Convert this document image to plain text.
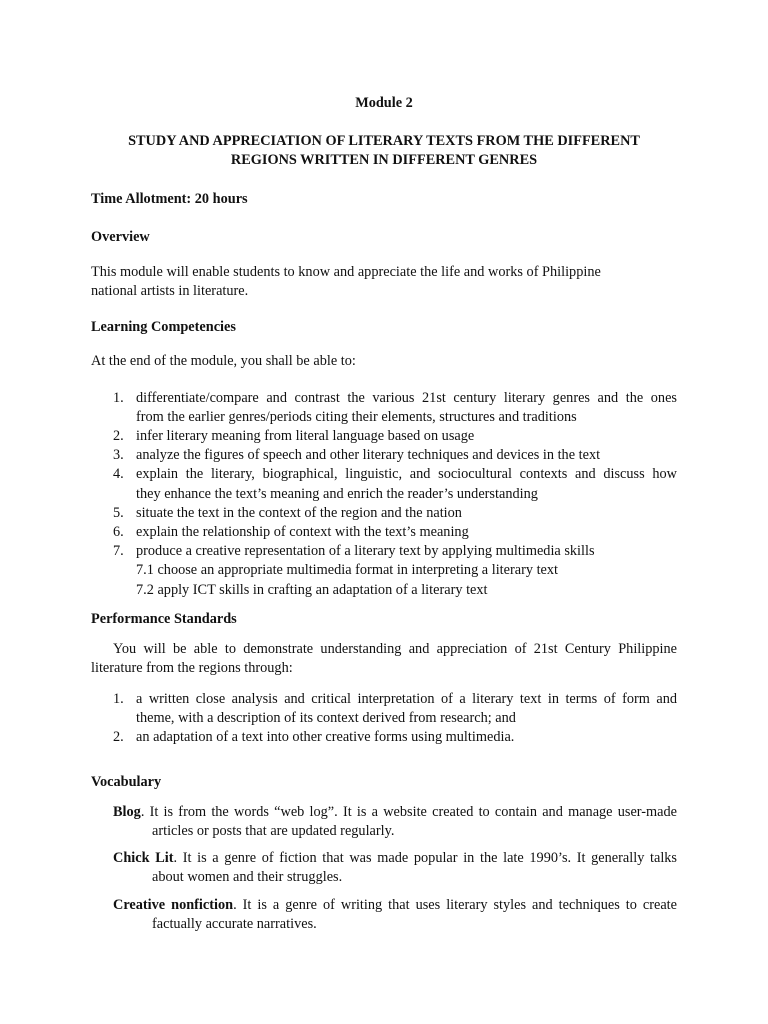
Module 2
STUDY AND APPRECIATION OF LITERARY TEXTS FROM THE DIFFERENT
REGIONS WRITTEN IN DIFFERENT GENRES
Time Allotment: 20 hours
Overview
This module will enable students to know and appreciate the life and works of Philippine
national artists in literature.
Learning Competencies
At the end of the module, you shall be able to:
1. differentiate/compare and contrast the various 21st century literary genres and the ones
from the earlier genres/periods citing their elements, structures and traditions
2. infer literary meaning from literal language based on usage
3. analyze the figures of speech and other literary techniques and devices in the text
4. explain the literary, biographical, linguistic, and sociocultural contexts and discuss how
they enhance the text’s meaning and enrich the reader’s understanding
5. situate the text in the context of the region and the nation
6. explain the relationship of context with the text’s meaning
7. produce a creative representation of a literary text by applying multimedia skills
7.1 choose an appropriate multimedia format in interpreting a literary text
7.2 apply ICT skills in crafting an adaptation of a literary text
Performance Standards
You will be able to demonstrate understanding and appreciation of 21st Century Philippine
literature from the regions through:
1. a written close analysis and critical interpretation of a literary text in terms of form and
theme, with a description of its context derived from research; and
2. an adaptation of a text into other creative forms using multimedia.
Vocabulary
Blog. It is from the words “web log”. It is a website created to contain and manage user-made
articles or posts that are updated regularly.
Chick Lit. It is a genre of fiction that was made popular in the late 1990’s. It generally talks
about women and their struggles.
Creative nonfiction. It is a genre of writing that uses literary styles and techniques to create
factually accurate narratives.
